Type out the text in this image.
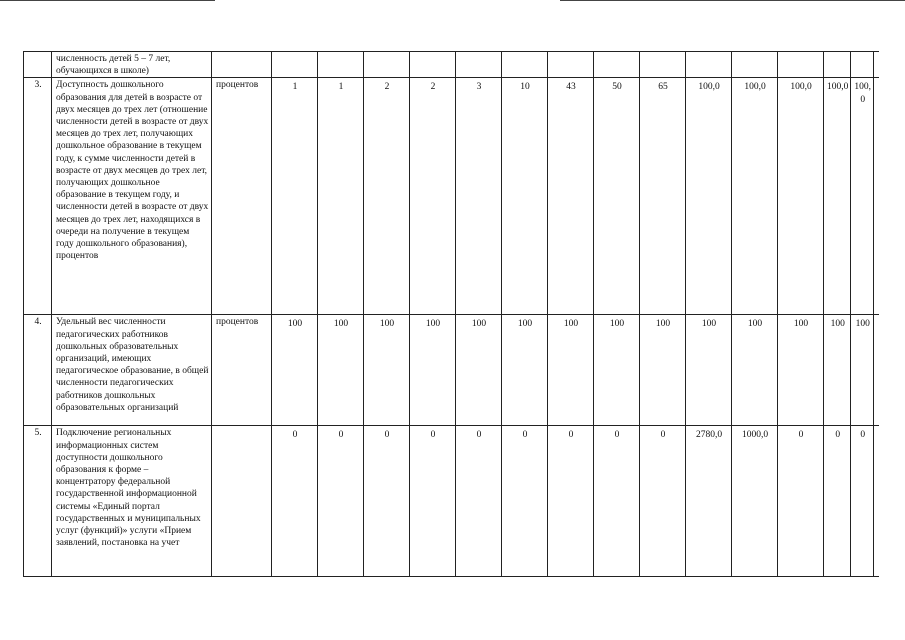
	численность детей 5 – 7 лет, обучающихся в школе)																
3.	Доступность дошкольного образования для детей в возрасте от двух месяцев до трех лет (отношение численности детей в возрасте от двух месяцев до трех лет, получающих дошкольное образование в текущем году, к сумме численности детей в возрасте от двух месяцев до трех лет, получающих дошкольное образование в текущем году, и численности детей в возрасте от двух месяцев до трех лет, находящихся в очереди на получение в текущем году дошкольного образования), процентов	процентов	1	1	2	2	3	10	43	50	65	100,0	100,0	100,0	100,0	100, 0	
4.	Удельный вес численности педагогических работников дошкольных образовательных организаций, имеющих педагогическое образование, в общей численности педагогических работников дошкольных образовательных организаций	процентов	100	100	100	100	100	100	100	100	100	100	100	100	100	100	
5.	Подключение региональных информационных систем доступности дошкольного образования к форме – концентратору федеральной государственной информационной системы «Единый портал государственных и муниципальных услуг (функций)» услуги «Прием заявлений, постановка на учет		0	0	0	0	0	0	0	0	0	2780,0	1000,0	0	0	0	
